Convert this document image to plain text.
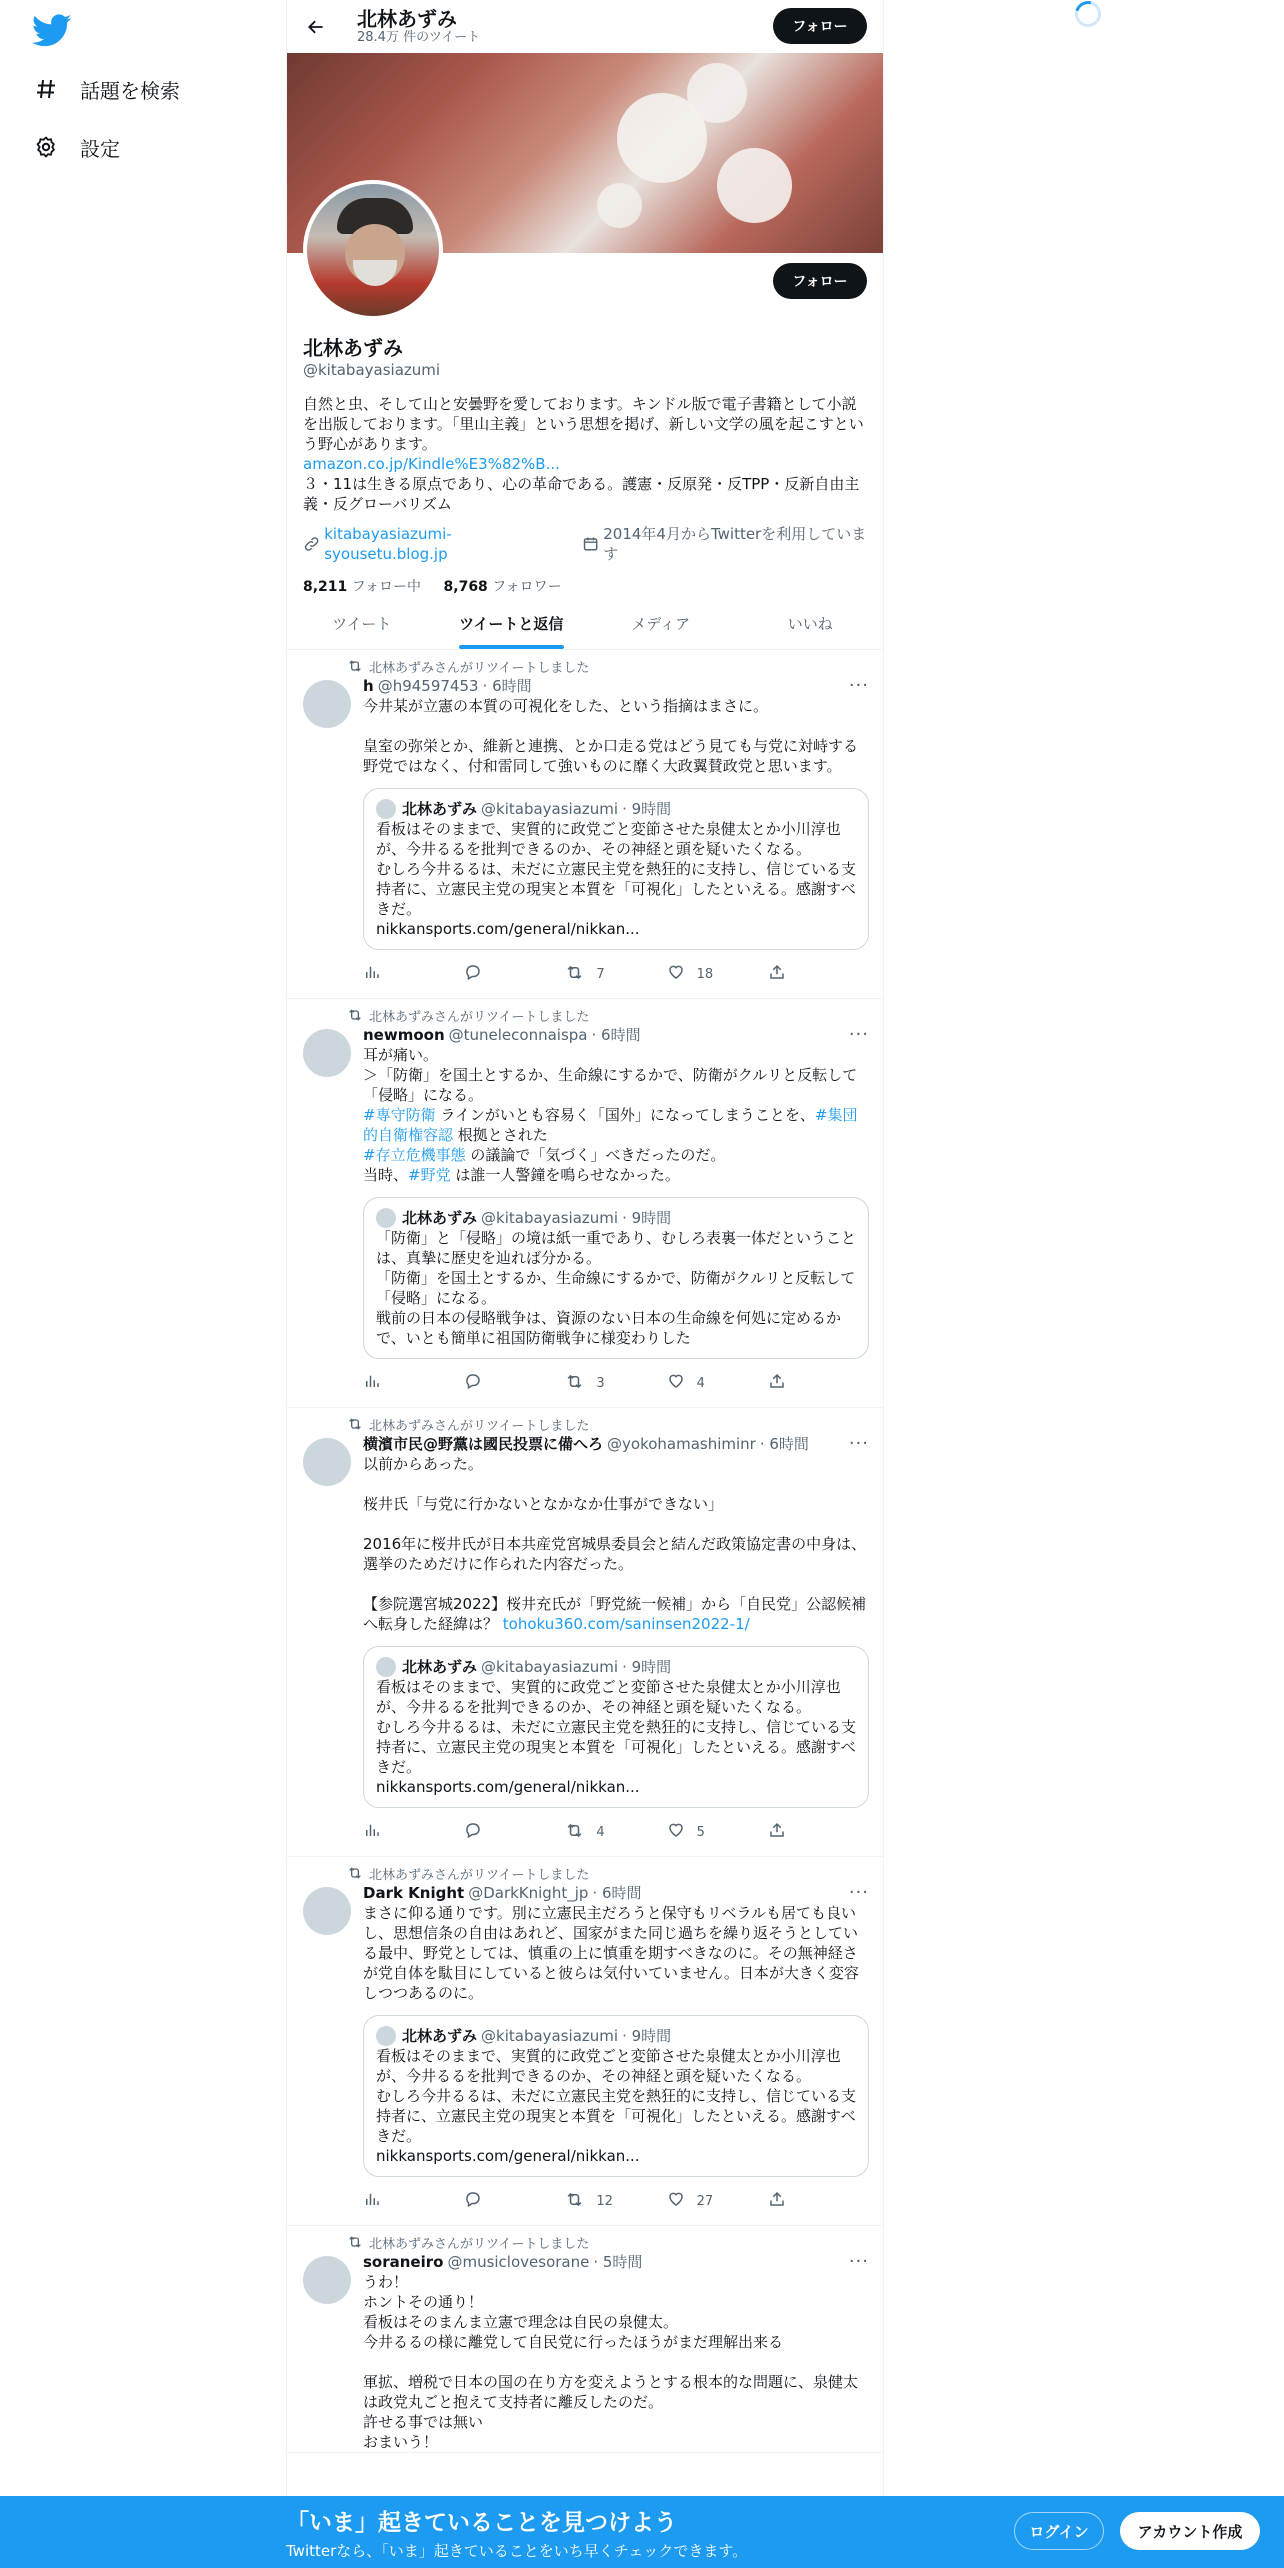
話題を検索
設定
北林あずみ
28.4万 件のツイート
フォロー
フォロー
北林あずみ
@kitabayasiazumi
自然と虫、そして山と安曇野を愛しております。キンドル版で電子書籍として小説を出版しております。「里山主義」という思想を掲げ、新しい文学の風を起こすという野心があります。
amazon.co.jp/Kindle%E3%82%B...
３・11は生きる原点であり、心の革命である。護憲・反原発・反TPP・反新自由主義・反グローバリズム
kitabayasiazumi-syousetu.blog.jp
2014年4月からTwitterを利用しています
8,211 フォロー中 8,768 フォロワー
ツイート	ツイートと返信	メディア	いいね
北林あずみさんがリツイートしました
h @h94597453 · 6時間	···
今井某が立憲の本質の可視化をした、という指摘はまさに。

皇室の弥栄とか、維新と連携、とか口走る党はどう見ても与党に対峙する野党ではなく、付和雷同して強いものに靡く大政翼賛政党と思います。
北林あずみ @kitabayasiazumi · 9時間
看板はそのままで、実質的に政党ごと変節させた泉健太とか小川淳也が、今井るるを批判できるのか、その神経と頭を疑いたくなる。
むしろ今井るるは、未だに立憲民主党を熱狂的に支持し、信じている支持者に、立憲民主党の現実と本質を「可視化」したといえる。感謝すべきだ。
nikkansports.com/general/nikkan...
7	18
北林あずみさんがリツイートしました
newmoon @tuneleconnaispa · 6時間	···
耳が痛い。
＞「防衛」を国土とするか、生命線にするかで、防衛がクルリと反転して「侵略」になる。
#専守防衛 ラインがいとも容易く「国外」になってしまうことを、#集団的自衛権容認 根拠とされた
#存立危機事態 の議論で「気づく」べきだったのだ。
当時、#野党 は誰一人警鐘を鳴らせなかった。
北林あずみ @kitabayasiazumi · 9時間
「防衛」と「侵略」の境は紙一重であり、むしろ表裏一体だということは、真摯に歴史を辿れば分かる。
「防衛」を国土とするか、生命線にするかで、防衛がクルリと反転して「侵略」になる。
戦前の日本の侵略戦争は、資源のない日本の生命線を何処に定めるかで、いとも簡単に祖国防衛戦争に様変わりした
3	4
北林あずみさんがリツイートしました
横濱市民@野黨は國民投票に備へろ @yokohamashiminr · 6時間 ···
以前からあった。

桜井氏「与党に行かないとなかなか仕事ができない」

2016年に桜井氏が日本共産党宮城県委員会と結んだ政策協定書の中身は、選挙のためだけに作られた内容だった。

【参院選宮城2022】桜井充氏が「野党統一候補」から「自民党」公認候補へ転身した経緯は？ tohoku360.com/saninsen2022-1/
北林あずみ @kitabayasiazumi · 9時間
看板はそのままで、実質的に政党ごと変節させた泉健太とか小川淳也が、今井るるを批判できるのか、その神経と頭を疑いたくなる。
むしろ今井るるは、未だに立憲民主党を熱狂的に支持し、信じている支持者に、立憲民主党の現実と本質を「可視化」したといえる。感謝すべきだ。
nikkansports.com/general/nikkan...
4	5
北林あずみさんがリツイートしました
Dark Knight @DarkKnight_jp · 6時間	···
まさに仰る通りです。別に立憲民主だろうと保守もリベラルも居ても良いし、思想信条の自由はあれど、国家がまた同じ過ちを繰り返そうとしている最中、野党としては、慎重の上に慎重を期すべきなのに。その無神経さが党自体を駄目にしていると彼らは気付いていません。日本が大きく変容しつつあるのに。
北林あずみ @kitabayasiazumi · 9時間
看板はそのままで、実質的に政党ごと変節させた泉健太とか小川淳也が、今井るるを批判できるのか、その神経と頭を疑いたくなる。
むしろ今井るるは、未だに立憲民主党を熱狂的に支持し、信じている支持者に、立憲民主党の現実と本質を「可視化」したといえる。感謝すべきだ。
nikkansports.com/general/nikkan...
12	27
北林あずみさんがリツイートしました
soraneiro @musiclovesorane · 5時間	···
うわ！
ホントその通り！
看板はそのまんま立憲で理念は自民の泉健太。
今井るるの様に離党して自民党に行ったほうがまだ理解出来る

軍拡、増税で日本の国の在り方を変えようとする根本的な問題に、泉健太は政党丸ごと抱えて支持者に離反したのだ。
許せる事では無い
おまいう！
「いま」起きていることを見つけよう
Twitterなら、「いま」起きていることをいち早くチェックできます。
ログイン	アカウント作成
